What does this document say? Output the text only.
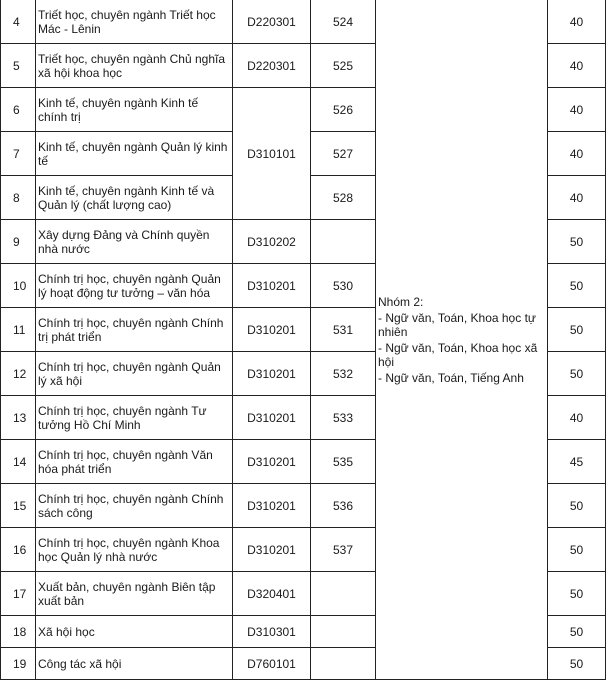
4	Triết học, chuyên ngành Triết học Mác - Lênin	D220301	524	Nhóm 2:
- Ngữ văn, Toán, Khoa học tự nhiên
- Ngữ văn, Toán, Khoa học xã hội
- Ngữ văn, Toán, Tiếng Anh	40
5	Triết học, chuyên ngành Chủ nghĩa xã hội khoa học	D220301	525		40
6	Kinh tế, chuyên ngành Kinh tế chính trị	D310101	526		40
7	Kinh tế, chuyên ngành Quản lý kinh tế		527		40
8	Kinh tế, chuyên ngành Kinh tế và Quản lý (chất lượng cao)		528		40
9	Xây dựng Đảng và Chính quyền nhà nước	D310202			50
10	Chính trị học, chuyên ngành Quản lý hoạt động tư tưởng – văn hóa	D310201	530		50
11	Chính trị học, chuyên ngành Chính trị phát triển	D310201	531		50
12	Chính trị học, chuyên ngành Quản lý xã hội	D310201	532		50
13	Chính trị học, chuyên ngành Tư tưởng Hồ Chí Minh	D310201	533		40
14	Chính trị học, chuyên ngành Văn hóa phát triển	D310201	535		45
15	Chính trị học, chuyên ngành Chính sách công	D310201	536		50
16	Chính trị học, chuyên ngành Khoa học Quản lý nhà nước	D310201	537		50
17	Xuất bản, chuyên ngành Biên tập xuất bản	D320401			50
18	Xã hội học	D310301			50
19	Công tác xã hội	D760101			50
